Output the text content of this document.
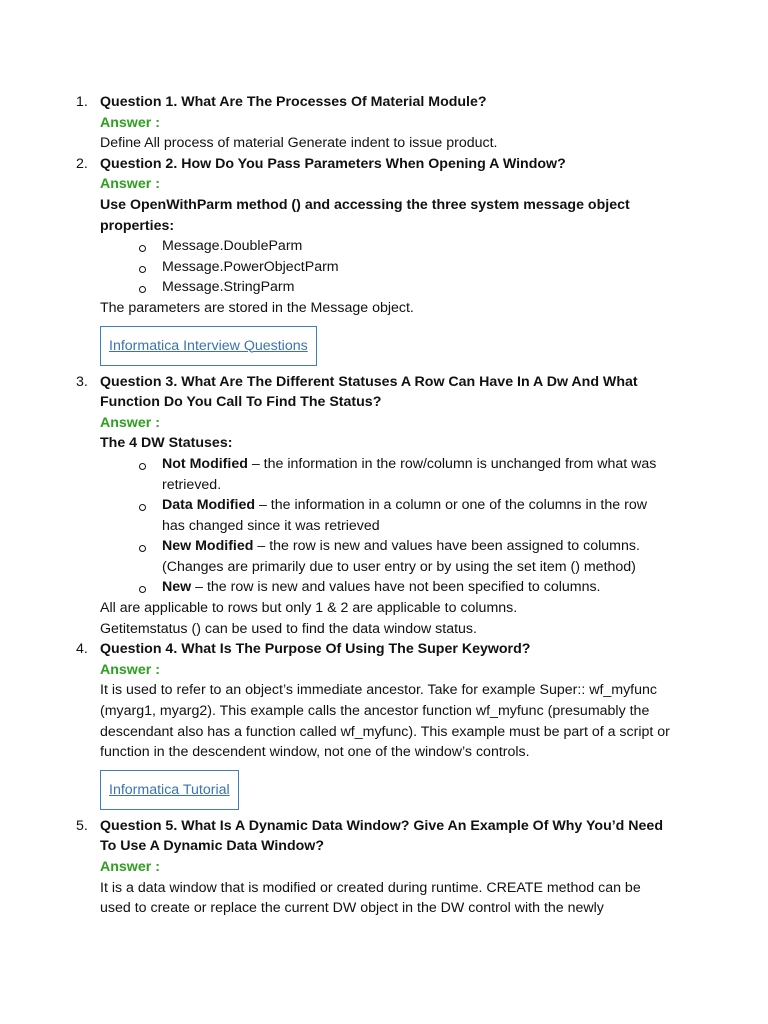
1. Question 1. What Are The Processes Of Material Module?
Answer :
Define All process of material Generate indent to issue product.
2. Question 2. How Do You Pass Parameters When Opening A Window?
Answer :
Use OpenWithParm method () and accessing the three system message object properties:
Message.DoubleParm
Message.PowerObjectParm
Message.StringParm
The parameters are stored in the Message object.
Informatica Interview Questions
3. Question 3. What Are The Different Statuses A Row Can Have In A Dw And What Function Do You Call To Find The Status?
Answer :
The 4 DW Statuses:
Not Modified – the information in the row/column is unchanged from what was retrieved.
Data Modified – the information in a column or one of the columns in the row has changed since it was retrieved
New Modified – the row is new and values have been assigned to columns. (Changes are primarily due to user entry or by using the set item () method)
New – the row is new and values have not been specified to columns.
All are applicable to rows but only 1 & 2 are applicable to columns.
Getitemstatus () can be used to find the data window status.
4. Question 4. What Is The Purpose Of Using The Super Keyword?
Answer :
It is used to refer to an object’s immediate ancestor. Take for example Super:: wf_myfunc (myarg1, myarg2). This example calls the ancestor function wf_myfunc (presumably the descendant also has a function called wf_myfunc). This example must be part of a script or function in the descendent window, not one of the window’s controls.
Informatica Tutorial
5. Question 5. What Is A Dynamic Data Window? Give An Example Of Why You’d Need To Use A Dynamic Data Window?
Answer :
It is a data window that is modified or created during runtime. CREATE method can be used to create or replace the current DW object in the DW control with the newly
